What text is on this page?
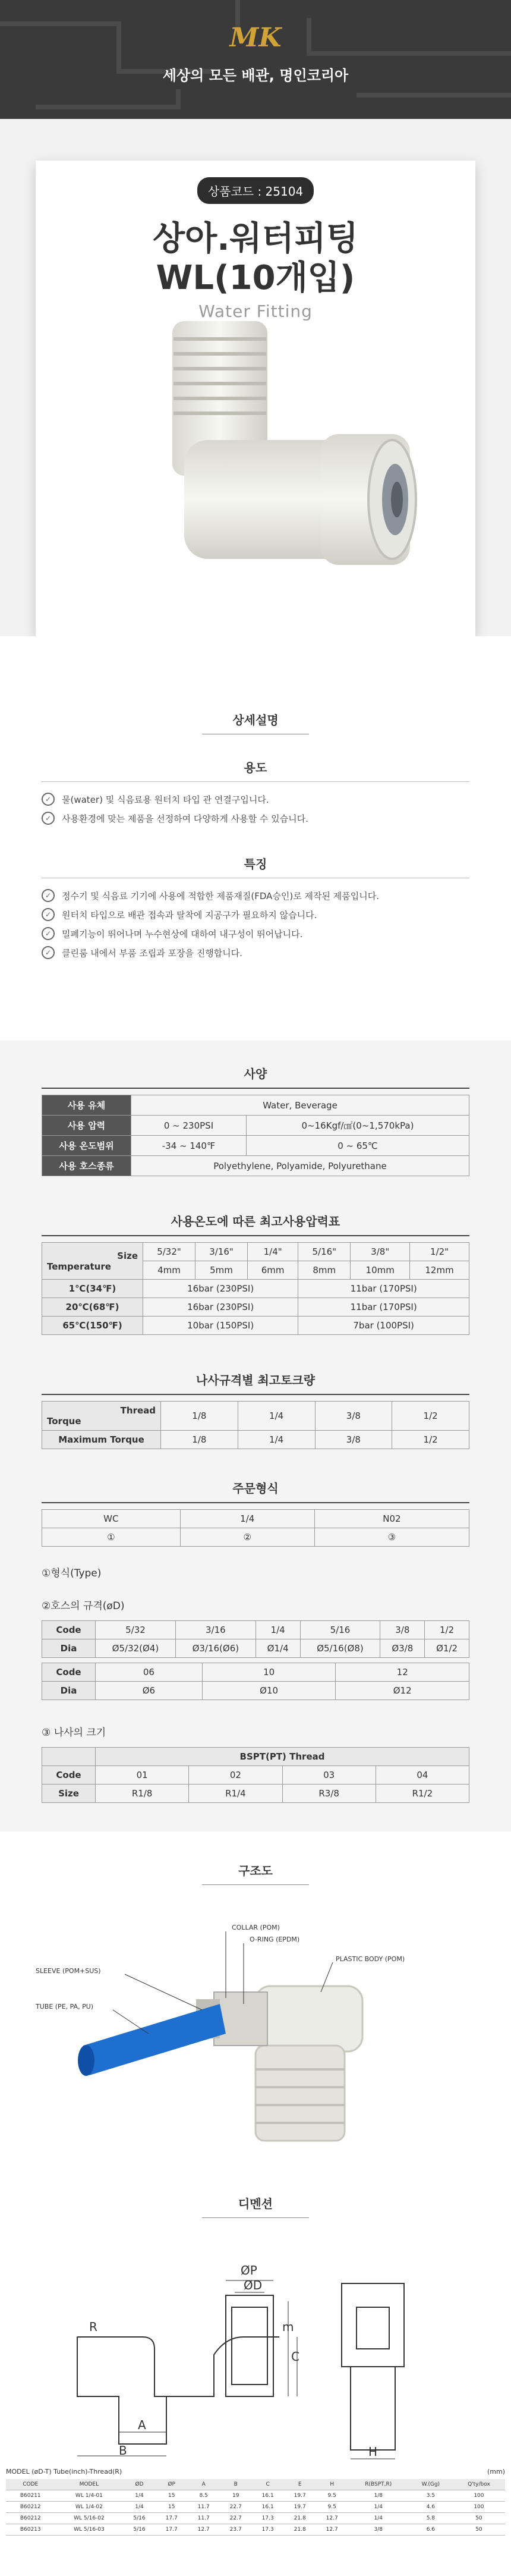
MK
세상의 모든 배관, 명인코리아
상품코드 : 25104
상아.워터피팅
WL(10개입)
Water Fitting
상세설명
용도
✓	물(water) 및 식음료용 원터치 타입 관 연결구입니다.
✓	사용환경에 맞는 제품을 선정하여 다양하게 사용할 수 있습니다.
특징
✓	정수기 및 식음료 기기에 사용에 적합한 제품재질(FDA승인)로 제작된 제품입니다.
✓	원터치 타입으로 배관 접속과 탈착에 지공구가 필요하지 않습니다.
✓	밀폐기능이 뛰어나며 누수현상에 대하여 내구성이 뛰어납니다.
✓	클린룸 내에서 부품 조립과 포장을 진행합니다.
사양
사용 유체	Water, Beverage	
사용 압력	0 ~ 230PSI	0~16Kgf/㎠(0~1,570kPa)
사용 온도범위	-34 ~ 140℉	0 ~ 65℃
사용 호스종류	Polyethylene, Polyamide, Polyurethane	
사용온도에 따른 최고사용압력표
Size
Temperature	5/32"	3/16"	1/4"	5/16"	3/8"	1/2"
	4mm	5mm	6mm	8mm	10mm	12mm
1℃(34℉)	16bar (230PSI)			11bar (170PSI)		
20℃(68℉)	16bar (230PSI)			11bar (170PSI)		
65℃(150℉)	10bar (150PSI)			7bar (100PSI)		
나사규격별 최고토크량
Thread
Torque	1/8	1/4	3/8	1/2
Maximum Torque	1/8	1/4	3/8	1/2
주문형식
WC	1/4	N02
①	②	③
①형식(Type)
②호스의 규격(øD)
Code	5/32	3/16	1/4	5/16	3/8	1/2
Dia	Ø5/32(Ø4)	Ø3/16(Ø6)	Ø1/4	Ø5/16(Ø8)	Ø3/8	Ø1/2
Code	06	10	12
Dia	Ø6	Ø10	Ø12
③ 나사의 크기
	BSPT(PT) Thread			
Code	01	02	03	04
Size	R1/8	R1/4	R3/8	R1/2
구조도
COLLAR (POM)
O-RING (EPDM)
PLASTIC BODY (POM)
SLEEVE (POM+SUS)
TUBE (PE, PA, PU)
디멘션
ØP
ØD
C
m
A
B	H
R
MODEL (øD-T) Tube(inch)-Thread(R)	(mm)
CODE	MODEL	ØD	ØP	A	B	C	E	H	R(BSPT,R)	W.(Gg)	Q'ty/box
B60211	WL 1/4-01	1/4	15	8.5	19	16.1	19.7	9.5	1/8	3.5	100
B60212	WL 1/4-02	1/4	15	11.7	22.7	16.1	19.7	9.5	1/4	4.6	100
B60212	WL 5/16-02	5/16	17.7	11.7	22.7	17.3	21.8	12.7	1/4	5.8	50
B60213	WL 5/16-03	5/16	17.7	12.7	23.7	17.3	21.8	12.7	3/8	6.6	50
